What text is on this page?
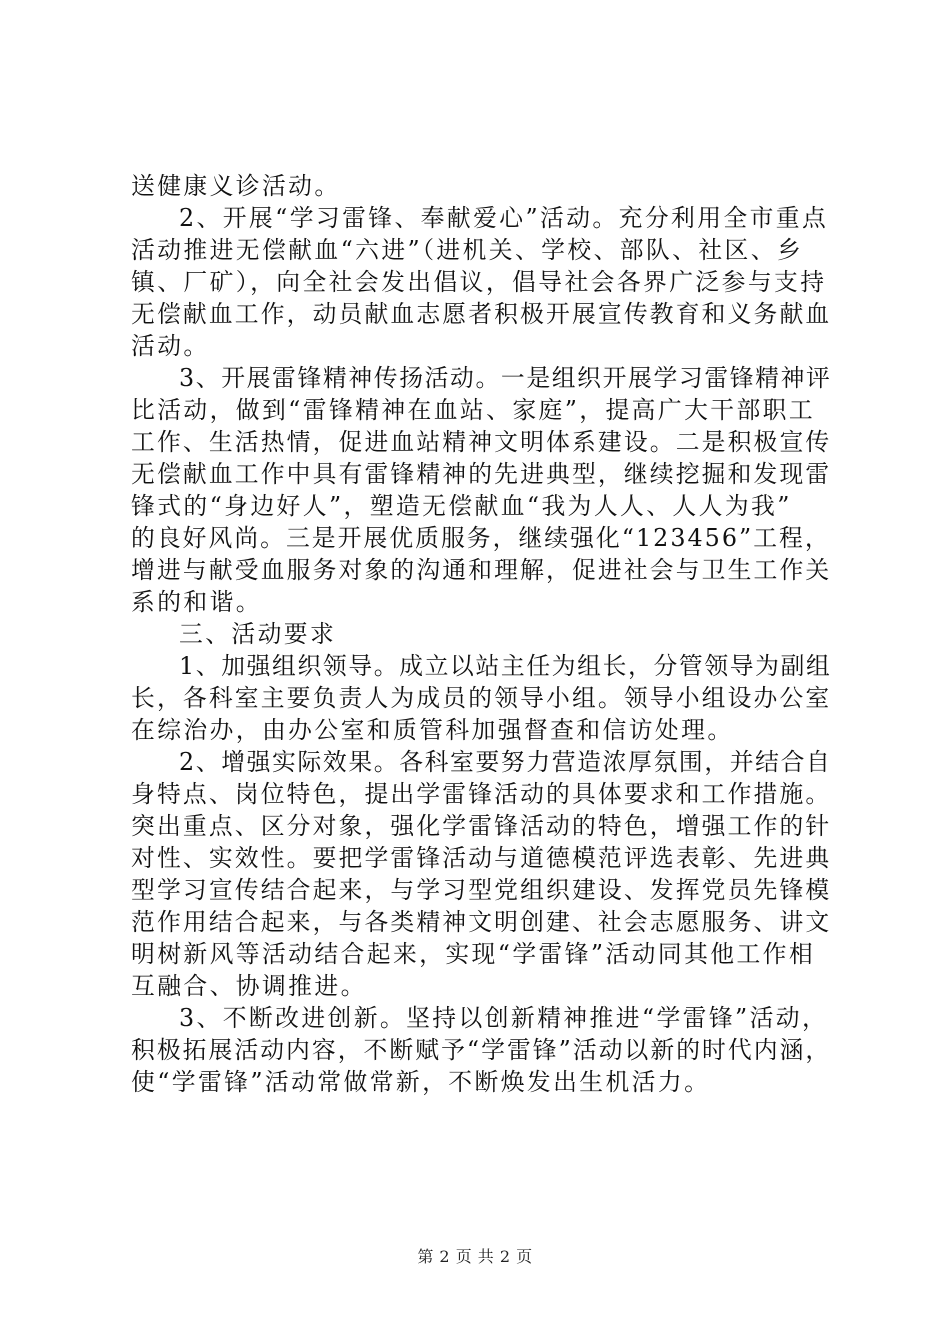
送健康义诊活动。
2、开展“学习雷锋、奉献爱心”活动。充分利用全市重点
活动推进无偿献血“六进”（进机关、学校、部队、社区、乡
镇、厂矿），向全社会发出倡议，倡导社会各界广泛参与支持
无偿献血工作，动员献血志愿者积极开展宣传教育和义务献血
活动。
3、开展雷锋精神传扬活动。一是组织开展学习雷锋精神评
比活动，做到“雷锋精神在血站、家庭”，提高广大干部职工
工作、生活热情，促进血站精神文明体系建设。二是积极宣传
无偿献血工作中具有雷锋精神的先进典型，继续挖掘和发现雷
锋式的“身边好人”，塑造无偿献血“我为人人、人人为我”
的良好风尚。三是开展优质服务，继续强化“123456”工程，
增进与献受血服务对象的沟通和理解，促进社会与卫生工作关
系的和谐。
三、活动要求
1、加强组织领导。成立以站主任为组长，分管领导为副组
长，各科室主要负责人为成员的领导小组。领导小组设办公室
在综治办，由办公室和质管科加强督查和信访处理。
2、增强实际效果。各科室要努力营造浓厚氛围，并结合自
身特点、岗位特色，提出学雷锋活动的具体要求和工作措施。
突出重点、区分对象，强化学雷锋活动的特色，增强工作的针
对性、实效性。要把学雷锋活动与道德模范评选表彰、先进典
型学习宣传结合起来，与学习型党组织建设、发挥党员先锋模
范作用结合起来，与各类精神文明创建、社会志愿服务、讲文
明树新风等活动结合起来，实现“学雷锋”活动同其他工作相
互融合、协调推进。
3、不断改进创新。坚持以创新精神推进“学雷锋”活动，
积极拓展活动内容，不断赋予“学雷锋”活动以新的时代内涵，
使“学雷锋”活动常做常新，不断焕发出生机活力。
第 2 页 共 2 页
